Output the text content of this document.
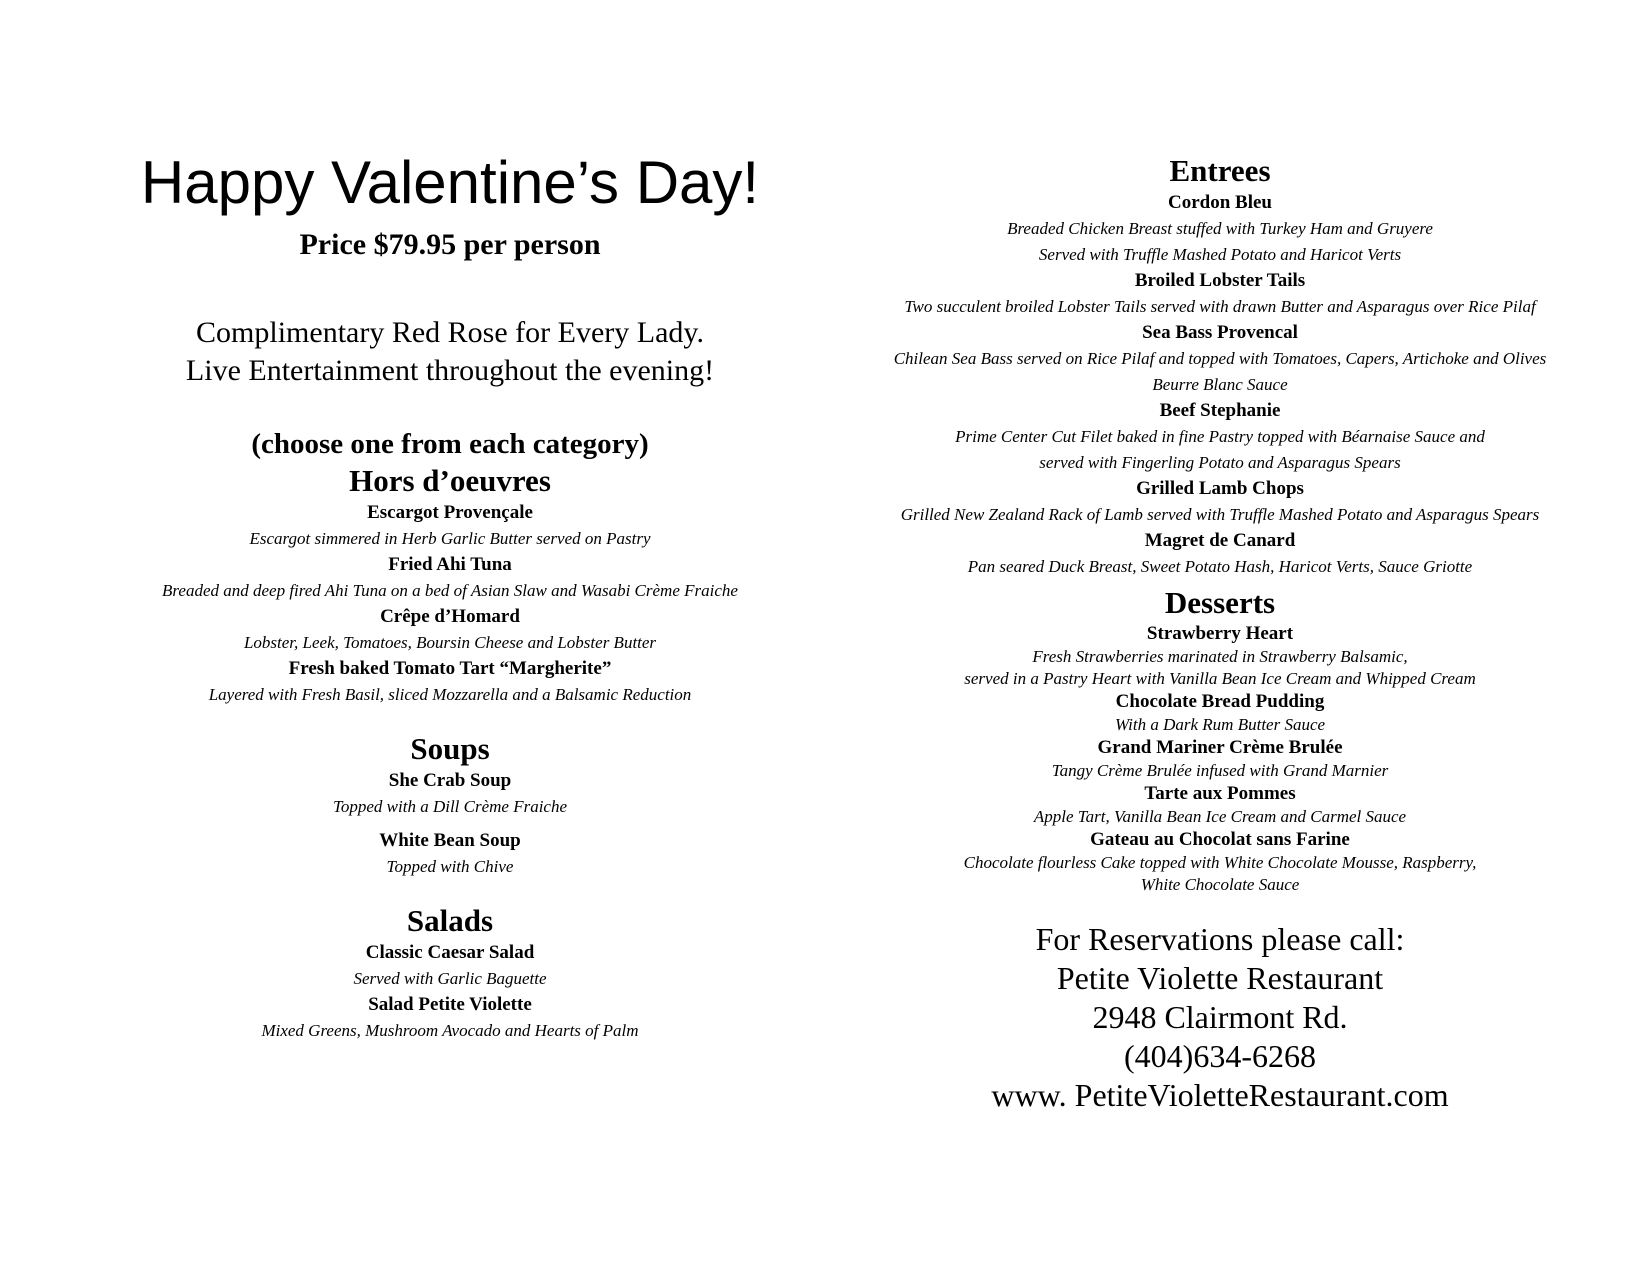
Happy Valentine’s Day!
Price $79.95 per person
Complimentary Red Rose for Every Lady.
Live Entertainment throughout the evening!
(choose one from each category)
Hors d’oeuvres
Escargot Provençale
Escargot simmered in Herb Garlic Butter served on Pastry
Fried Ahi Tuna
Breaded and deep fired Ahi Tuna on a bed of Asian Slaw and Wasabi Crème Fraiche
Crêpe d’Homard
Lobster, Leek, Tomatoes, Boursin Cheese and Lobster Butter
Fresh baked Tomato Tart “Margherite”
Layered with Fresh Basil, sliced Mozzarella and a Balsamic Reduction
Soups
She Crab Soup
Topped with a Dill Crème Fraiche
White Bean Soup
Topped with Chive
Salads
Classic Caesar Salad
Served with Garlic Baguette
Salad Petite Violette
Mixed Greens, Mushroom Avocado and Hearts of Palm
Entrees
Cordon Bleu
Breaded Chicken Breast stuffed with Turkey Ham and Gruyere
Served with Truffle Mashed Potato and Haricot Verts
Broiled Lobster Tails
Two succulent broiled Lobster Tails served with drawn Butter and Asparagus over Rice Pilaf
Sea Bass Provencal
Chilean Sea Bass served on Rice Pilaf and topped with Tomatoes, Capers, Artichoke and Olives
Beurre Blanc Sauce
Beef Stephanie
Prime Center Cut Filet baked in fine Pastry topped with Béarnaise Sauce and
served with Fingerling Potato and Asparagus Spears
Grilled Lamb Chops
Grilled New Zealand Rack of Lamb served with Truffle Mashed Potato and Asparagus Spears
Magret de Canard
Pan seared Duck Breast, Sweet Potato Hash, Haricot Verts, Sauce Griotte
Desserts
Strawberry Heart
Fresh Strawberries marinated in Strawberry Balsamic,
served in a Pastry Heart with Vanilla Bean Ice Cream and Whipped Cream
Chocolate Bread Pudding
With a Dark Rum Butter Sauce
Grand Mariner Crème Brulée
Tangy Crème Brulée infused with Grand Marnier
Tarte aux Pommes
Apple Tart, Vanilla Bean Ice Cream and Carmel Sauce
Gateau au Chocolat sans Farine
Chocolate flourless Cake topped with White Chocolate Mousse, Raspberry,
White Chocolate Sauce
For Reservations please call:
Petite Violette Restaurant
2948 Clairmont Rd.
(404)634-6268
www. PetiteVioletteRestaurant.com
